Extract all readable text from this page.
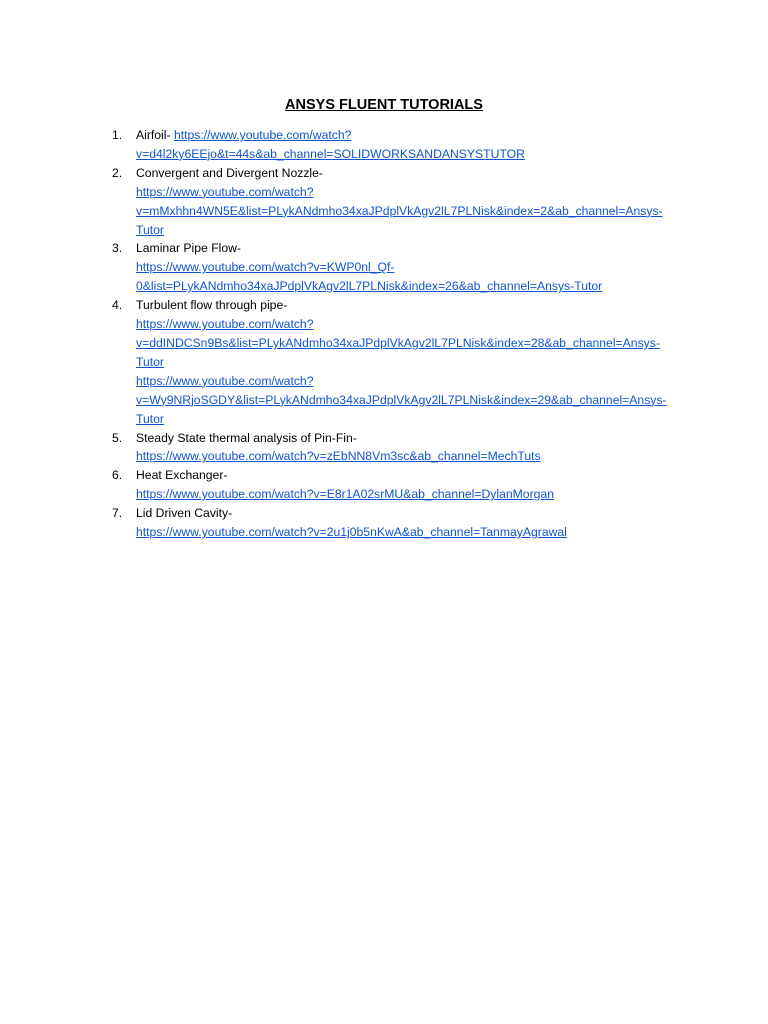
ANSYS FLUENT TUTORIALS
1. Airfoil- https://www.youtube.com/watch?
v=d4l2ky6EEjo&t=44s&ab_channel=SOLIDWORKSANDANSYSTUTOR
2. Convergent and Divergent Nozzle-
https://www.youtube.com/watch?
v=mMxhhn4WN5E&list=PLykANdmho34xaJPdplVkAgv2lL7PLNisk&index=2&ab_channel=Ansys-
Tutor
3. Laminar Pipe Flow-
https://www.youtube.com/watch?v=KWP0nl_Qf-
0&list=PLykANdmho34xaJPdplVkAgv2lL7PLNisk&index=26&ab_channel=Ansys-Tutor
4. Turbulent flow through pipe-
https://www.youtube.com/watch?
v=ddINDCSn9Bs&list=PLykANdmho34xaJPdplVkAgv2lL7PLNisk&index=28&ab_channel=Ansys-
Tutor
https://www.youtube.com/watch?
v=Wy9NRjoSGDY&list=PLykANdmho34xaJPdplVkAgv2lL7PLNisk&index=29&ab_channel=Ansys-
Tutor
5. Steady State thermal analysis of Pin-Fin-
https://www.youtube.com/watch?v=zEbNN8Vm3sc&ab_channel=MechTuts
6. Heat Exchanger-
https://www.youtube.com/watch?v=E8r1A02srMU&ab_channel=DylanMorgan
7. Lid Driven Cavity-
https://www.youtube.com/watch?v=2u1j0b5nKwA&ab_channel=TanmayAgrawal
